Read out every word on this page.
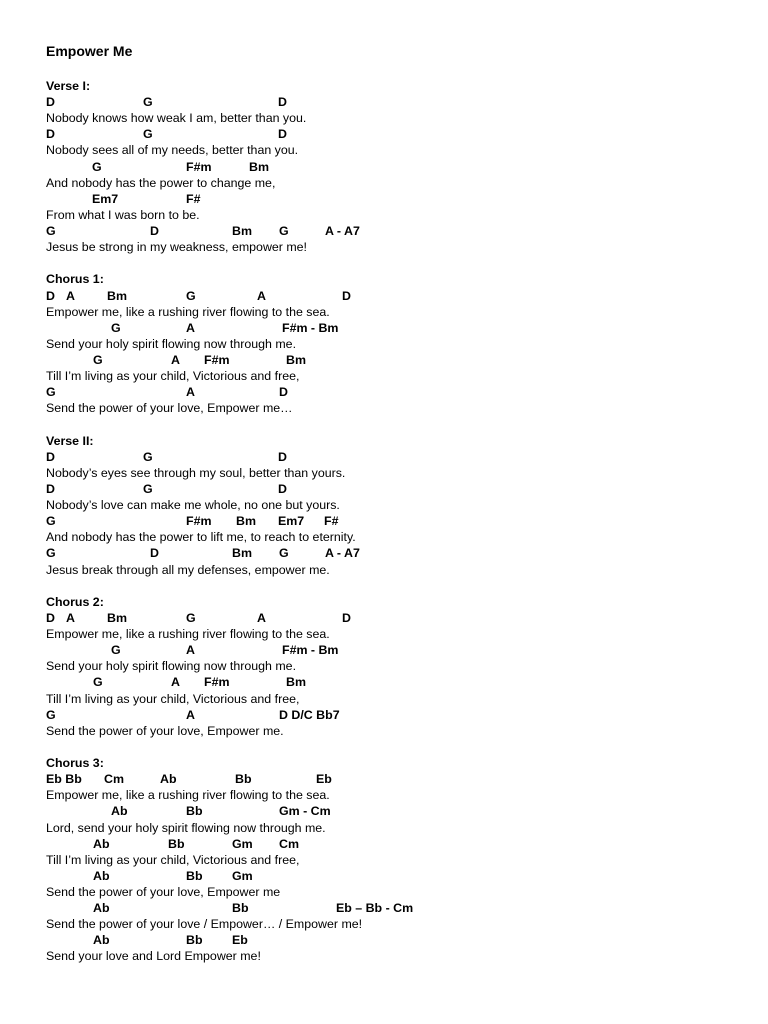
Empower Me
Verse I:
D	G	D
Nobody knows how weak I am, better than you.
D	G	D
Nobody sees all of my needs, better than you.
G	F#m	Bm
And nobody has the power to change me,
Em7	F#
From what I was born to be.
G	D	Bm G	A - A7
Jesus be strong in my weakness, empower me!
Chorus 1:
D A	Bm	G	A	D
Empower me, like a rushing river flowing to the sea.
G	A	F#m - Bm
Send your holy spirit flowing now through me.
G	A F#m	Bm
Till I’m living as your child, Victorious and free,
G	A	D
Send the power of your love, Empower me…
Verse II:
D	G	D
Nobody’s eyes see through my soul, better than yours.
D	G	D
Nobody’s love can make me whole, no one but yours.
G	F#m Bm Em7 F#
And nobody has the power to lift me, to reach to eternity.
G	D	Bm G	A - A7
Jesus break through all my defenses, empower me.
Chorus 2:
D A	Bm	G	A	D
Empower me, like a rushing river flowing to the sea.
G	A	F#m - Bm
Send your holy spirit flowing now through me.
G	A F#m	Bm
Till I’m living as your child, Victorious and free,
G	A	D D/C Bb7
Send the power of your love, Empower me.
Chorus 3:
Eb Bb Cm	Ab	Bb	Eb
Empower me, like a rushing river flowing to the sea.
Ab	Bb	Gm - Cm
Lord, send your holy spirit flowing now through me.
Ab	Bb	Gm Cm
Till I’m living as your child, Victorious and free,
Ab	Bb Gm
Send the power of your love, Empower me
Ab	Bb	Eb – Bb - Cm
Send the power of your love / Empower… / Empower me!
Ab	Bb Eb
Send your love and Lord Empower me!
